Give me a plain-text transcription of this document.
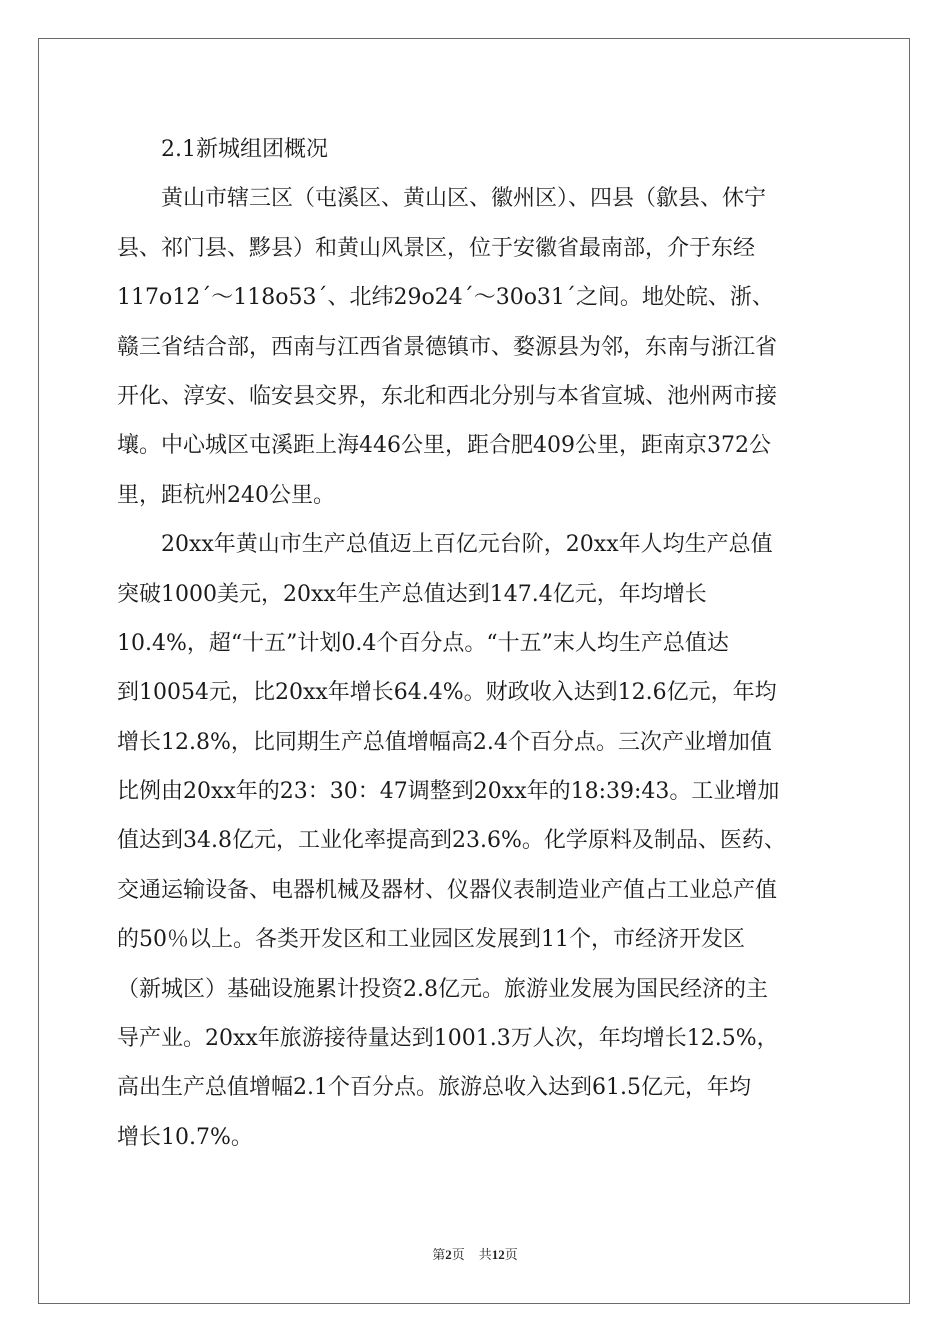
2.1新城组团概况
黄山市辖三区（屯溪区、黄山区、徽州区）、四县（歙县、休宁
县、祁门县、黟县）和黄山风景区，位于安徽省最南部，介于东经
117o12´～118o53´、北纬29o24´～30o31´之间。地处皖、浙、
赣三省结合部，西南与江西省景德镇市、婺源县为邻，东南与浙江省
开化、淳安、临安县交界，东北和西北分别与本省宣城、池州两市接
壤。中心城区屯溪距上海446公里，距合肥409公里，距南京372公
里，距杭州240公里。
20xx年黄山市生产总值迈上百亿元台阶，20xx年人均生产总值
突破1000美元，20xx年生产总值达到147.4亿元，年均增长
10.4%，超“十五”计划0.4个百分点。“十五”末人均生产总值达
到10054元，比20xx年增长64.4%。财政收入达到12.6亿元，年均
增长12.8%，比同期生产总值增幅高2.4个百分点。三次产业增加值
比例由20xx年的23：30：47调整到20xx年的18:39:43。工业增加
值达到34.8亿元，工业化率提高到23.6%。化学原料及制品、医药、
交通运输设备、电器机械及器材、仪器仪表制造业产值占工业总产值
的50％以上。各类开发区和工业园区发展到11个，市经济开发区
（新城区）基础设施累计投资2.8亿元。旅游业发展为国民经济的主
导产业。20xx年旅游接待量达到1001.3万人次，年均增长12.5%，
高出生产总值增幅2.1个百分点。旅游总收入达到61.5亿元，年均
增长10.7%。
第2页 共12页
